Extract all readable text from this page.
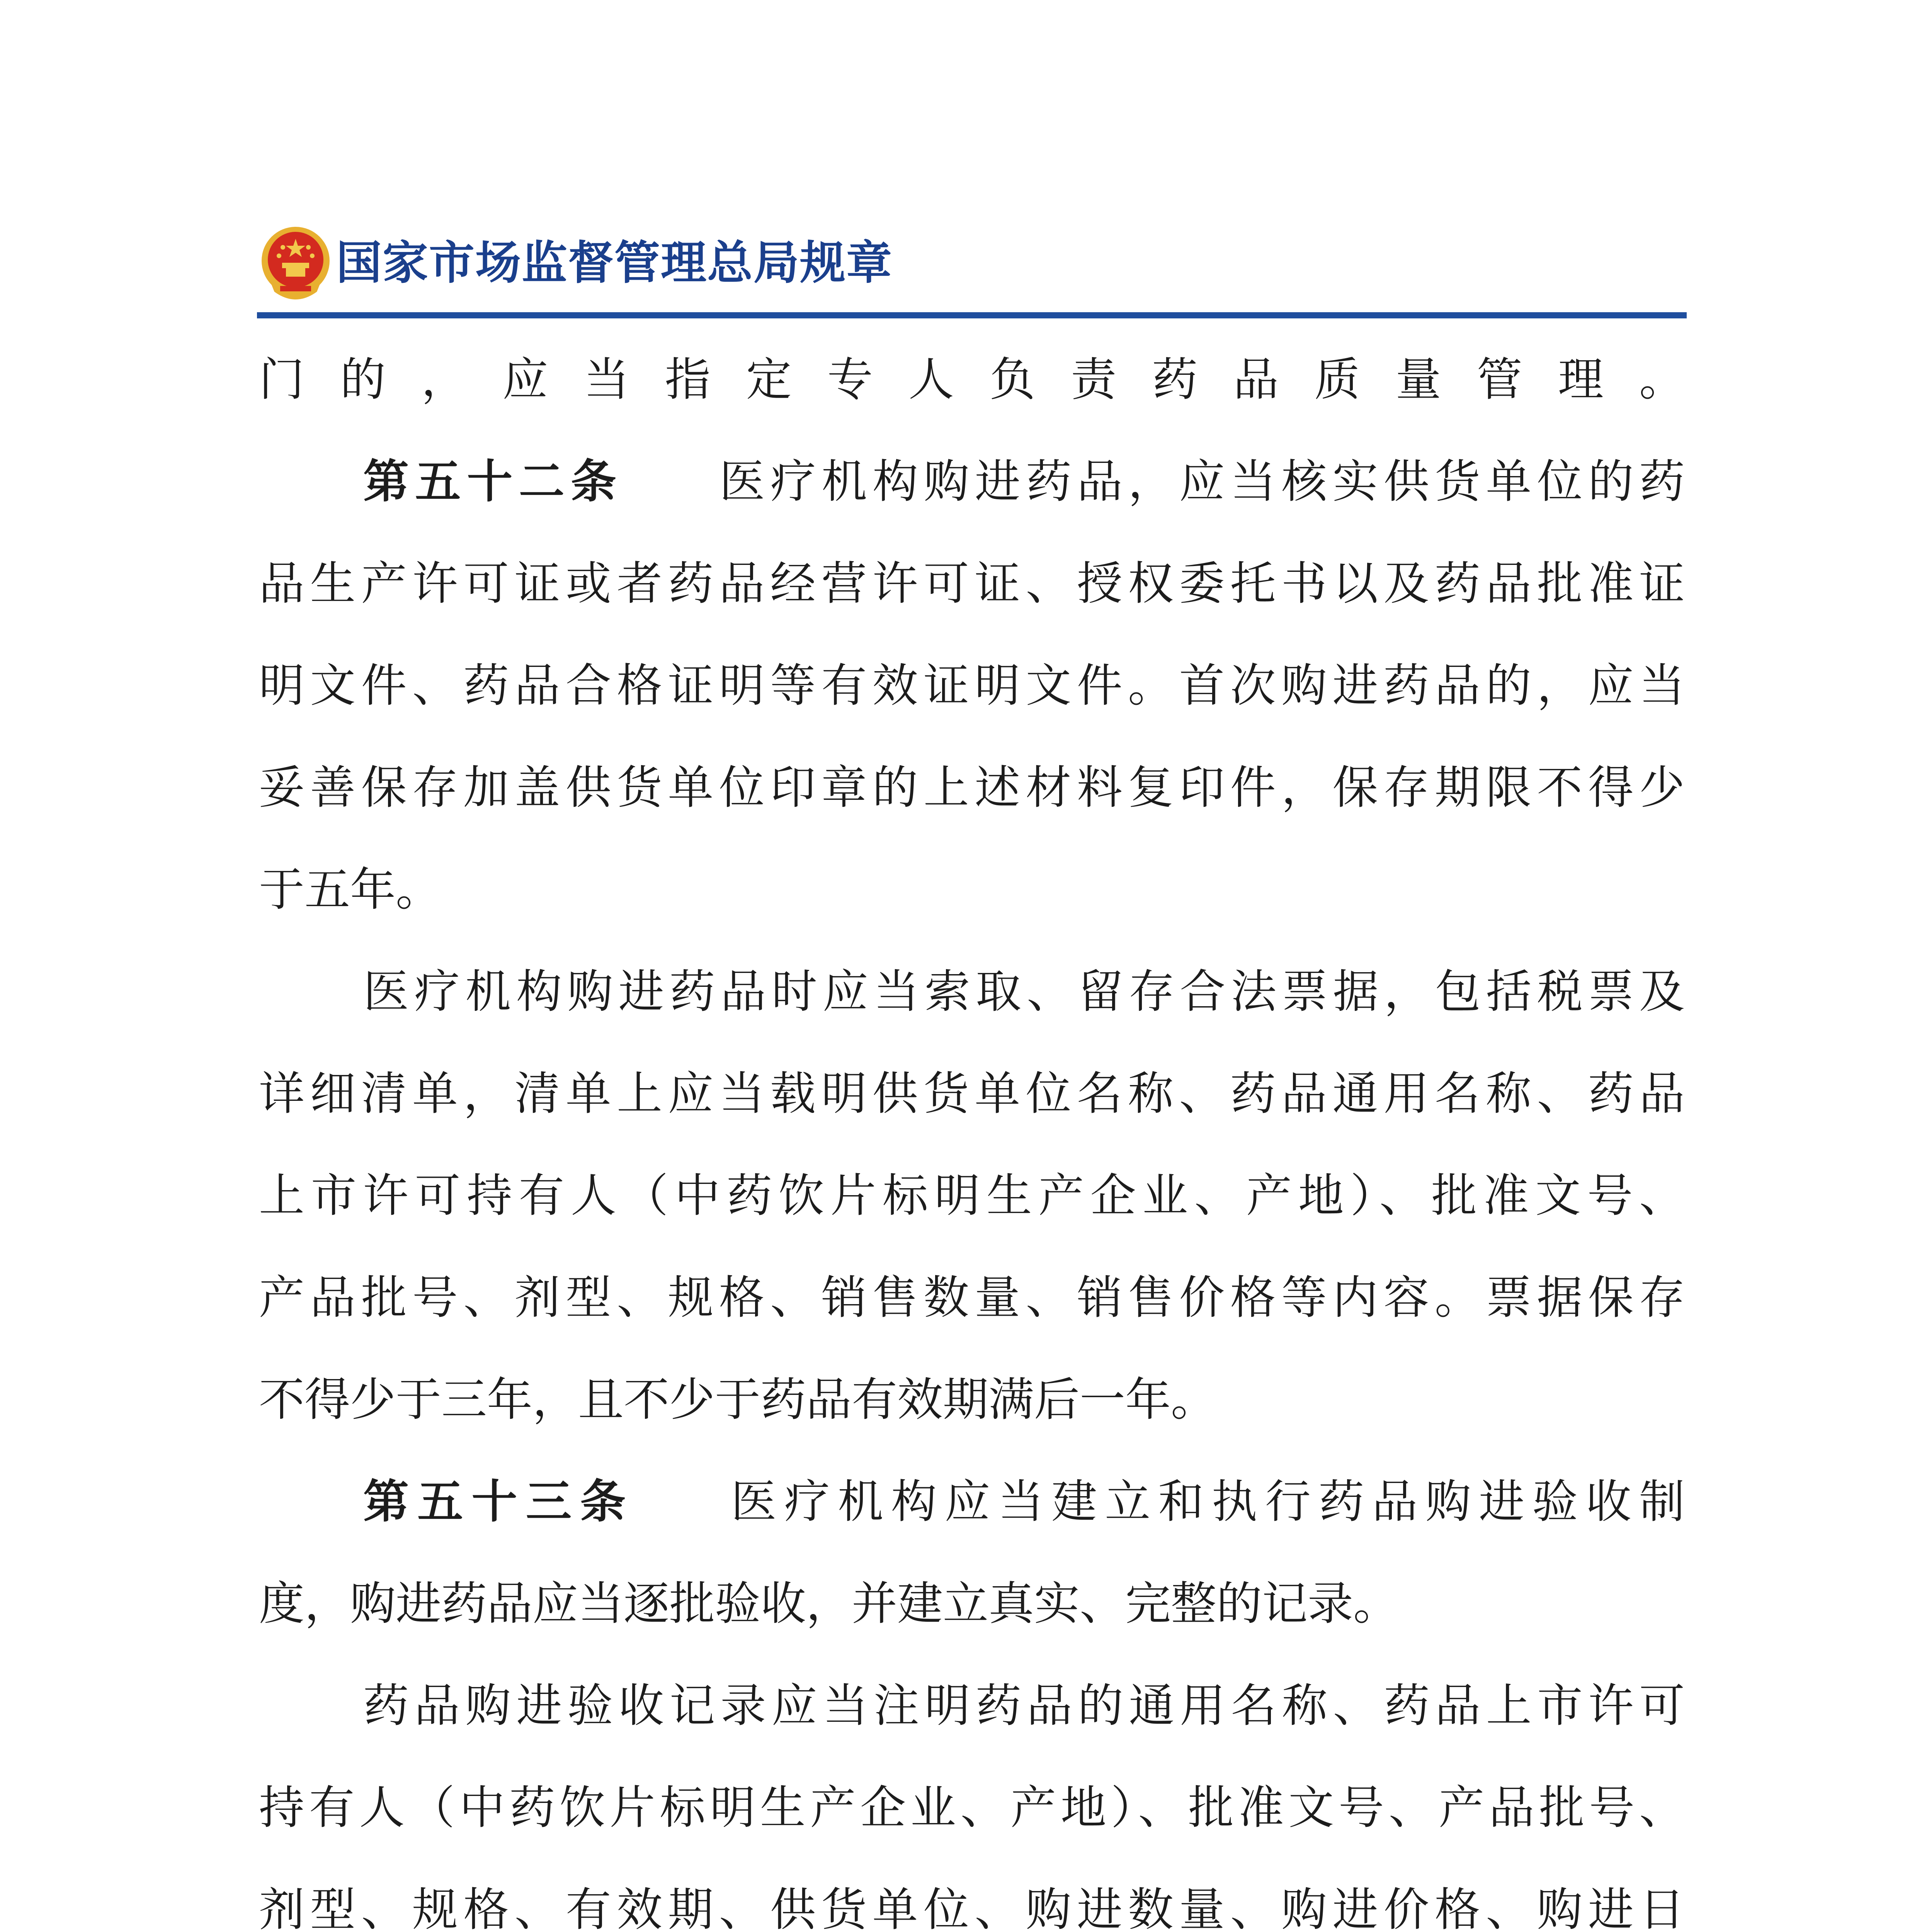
国家市场监督管理总局规章
门的，应当指定专人负责药品质量管理。
第五十二条 医疗机构购进药品，应当核实供货单位的药
品生产许可证或者药品经营许可证、授权委托书以及药品批准证
明文件、药品合格证明等有效证明文件。首次购进药品的，应当
妥善保存加盖供货单位印章的上述材料复印件，保存期限不得少
于五年。
医疗机构购进药品时应当索取、留存合法票据，包括税票及
详细清单，清单上应当载明供货单位名称、药品通用名称、药品
上市许可持有人（中药饮片标明生产企业、产地）、批准文号、
产品批号、剂型、规格、销售数量、销售价格等内容。票据保存
不得少于三年，且不少于药品有效期满后一年。
第五十三条 医疗机构应当建立和执行药品购进验收制
度，购进药品应当逐批验收，并建立真实、完整的记录。
药品购进验收记录应当注明药品的通用名称、药品上市许可
持有人（中药饮片标明生产企业、产地）、批准文号、产品批号、
剂型、规格、有效期、供货单位、购进数量、购进价格、购进日
